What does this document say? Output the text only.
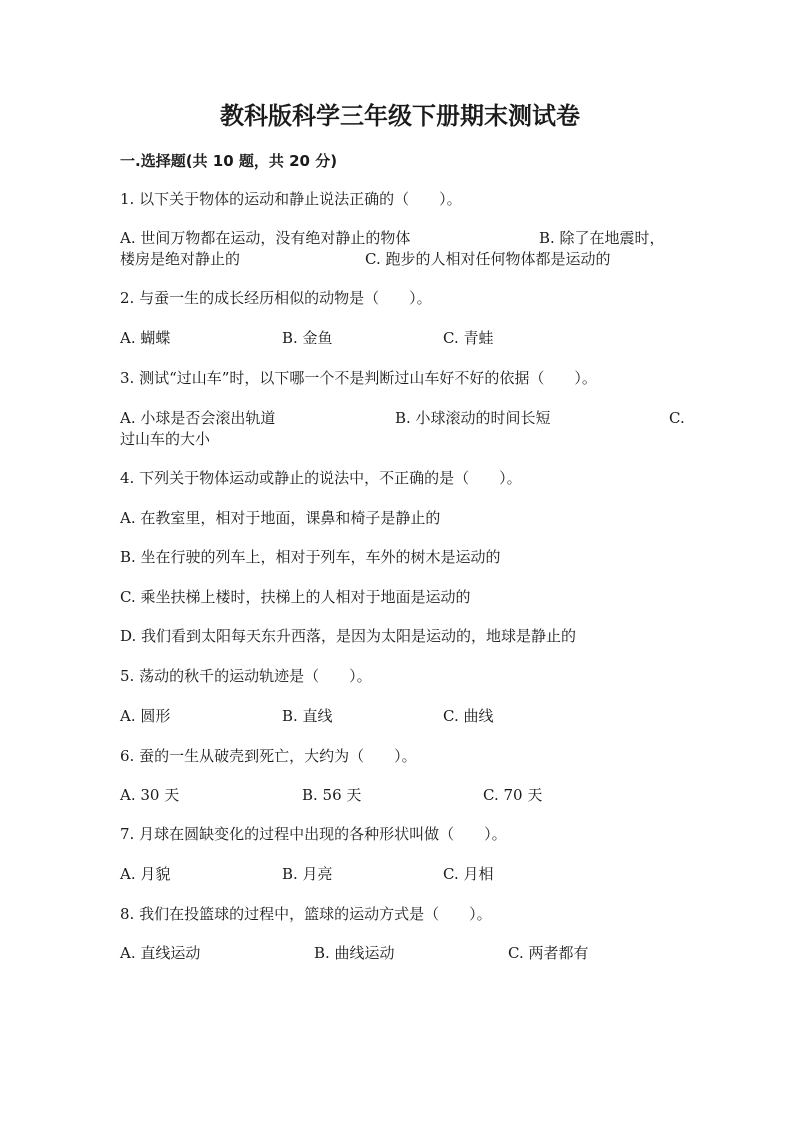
教科版科学三年级下册期末测试卷
一.选择题(共 10 题，共 20 分)
1. 以下关于物体的运动和静止说法正确的（　　）。
A. 世间万物都在运动，没有绝对静止的物体	B. 除了在地震时，
楼房是绝对静止的	C. 跑步的人相对任何物体都是运动的
2. 与蚕一生的成长经历相似的动物是（　　）。
A. 蝴蝶	B. 金鱼	C. 青蛙
3. 测试“过山车”时，以下哪一个不是判断过山车好不好的依据（　　）。
A. 小球是否会滚出轨道	B. 小球滚动的时间长短	C.
过山车的大小
4. 下列关于物体运动或静止的说法中，不正确的是（　　）。
A. 在教室里，相对于地面，课鼻和椅子是静止的
B. 坐在行驶的列车上，相对于列车，车外的树木是运动的
C. 乘坐扶梯上楼时，扶梯上的人相对于地面是运动的
D. 我们看到太阳每天东升西落，是因为太阳是运动的，地球是静止的
5. 荡动的秋千的运动轨迹是（　　）。
A. 圆形	B. 直线	C. 曲线
6. 蚕的一生从破壳到死亡，大约为（　　）。
A. 30 天	B. 56 天	C. 70 天
7. 月球在圆缺变化的过程中出现的各种形状叫做（　　）。
A. 月貌	B. 月亮	C. 月相
8. 我们在投篮球的过程中，篮球的运动方式是（　　）。
A. 直线运动	B. 曲线运动	C. 两者都有
